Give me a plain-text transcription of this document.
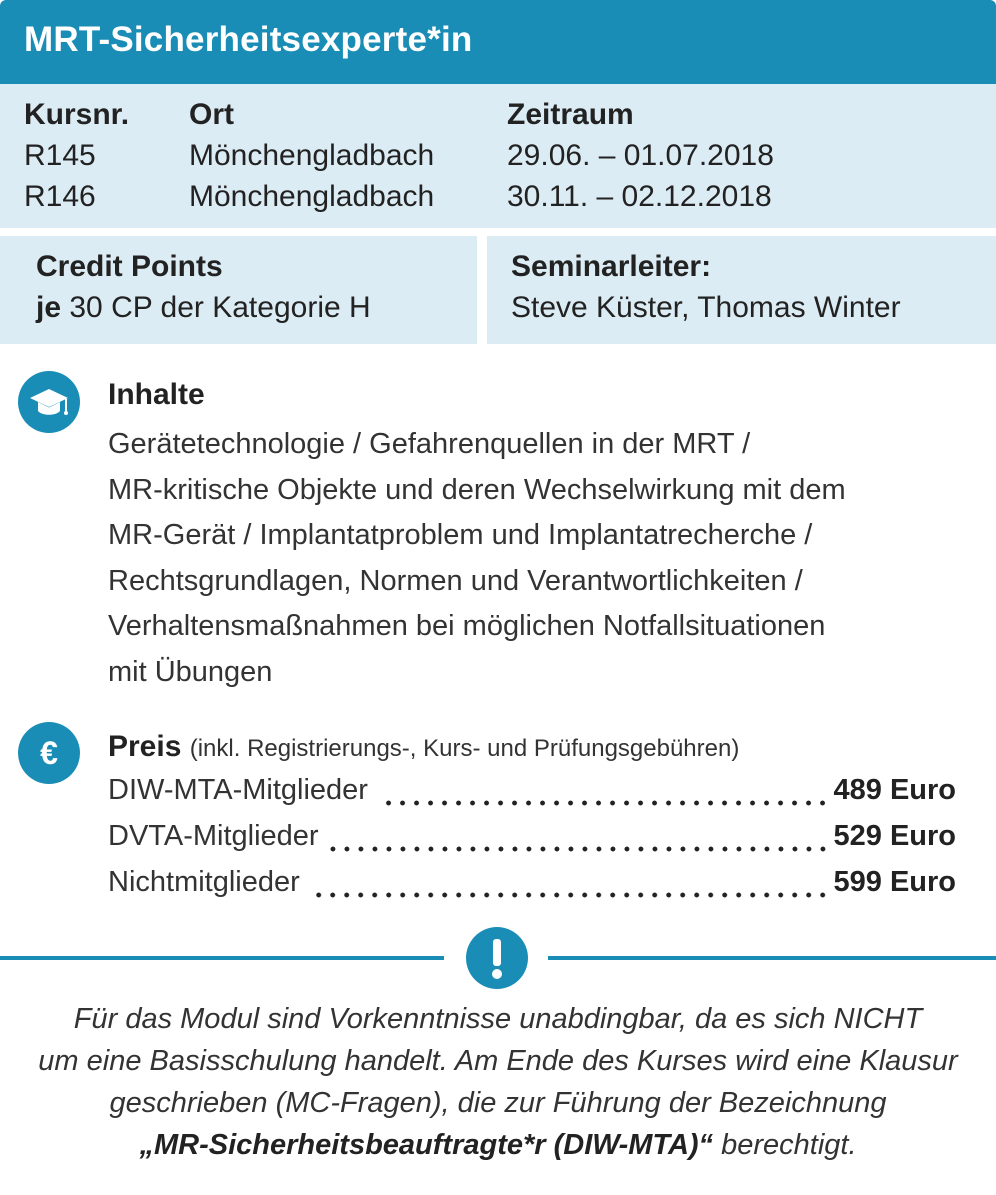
MRT-Sicherheitsexperte*in
Kursnr. Ort	Zeitraum
R145	Mönchengladbach 29.06. – 01.07.2018
R146	Mönchengladbach 30.11. – 02.12.2018
Credit Points
je 30 CP der Kategorie H
Seminarleiter:
Steve Küster, Thomas Winter
Inhalte
Gerätetechnologie / Gefahrenquellen in der MRT /
MR-kritische Objekte und deren Wechselwirkung mit dem
MR-Gerät / Implantatproblem und Implantatrecherche /
Rechtsgrundlagen, Normen und Verantwortlichkeiten /
Verhaltensmaßnahmen bei möglichen Notfallsituationen
mit Übungen
€ Preis (inkl. Registrierungs-, Kurs- und Prüfungsgebühren)
DIW-MTA-Mitglieder	489 Euro
DVTA-Mitglieder	529 Euro
Nichtmitglieder	599 Euro
Für das Modul sind Vorkenntnisse unabdingbar, da es sich NICHT
um eine Basisschulung handelt. Am Ende des Kurses wird eine Klausur
geschrieben (MC-Fragen), die zur Führung der Bezeichnung
„MR-Sicherheitsbeauftragte*r (DIW-MTA)“ berechtigt.
